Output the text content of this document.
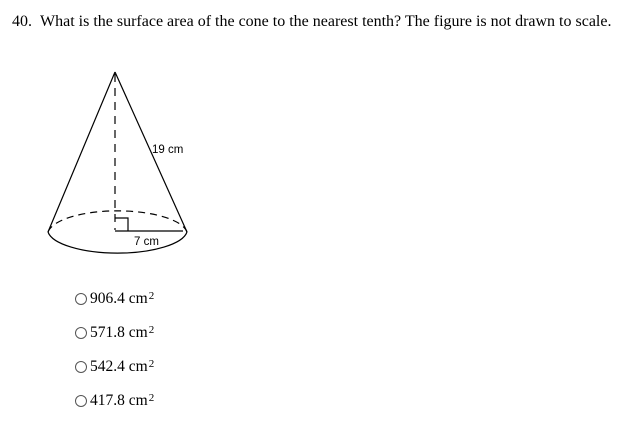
40. What is the surface area of the cone to the nearest tenth? The figure is not drawn to scale.
19 cm
7 cm
906.4
$cm^2$
571.8
$cm^2$
542.4
$cm^2$
417.8
$cm^2$
